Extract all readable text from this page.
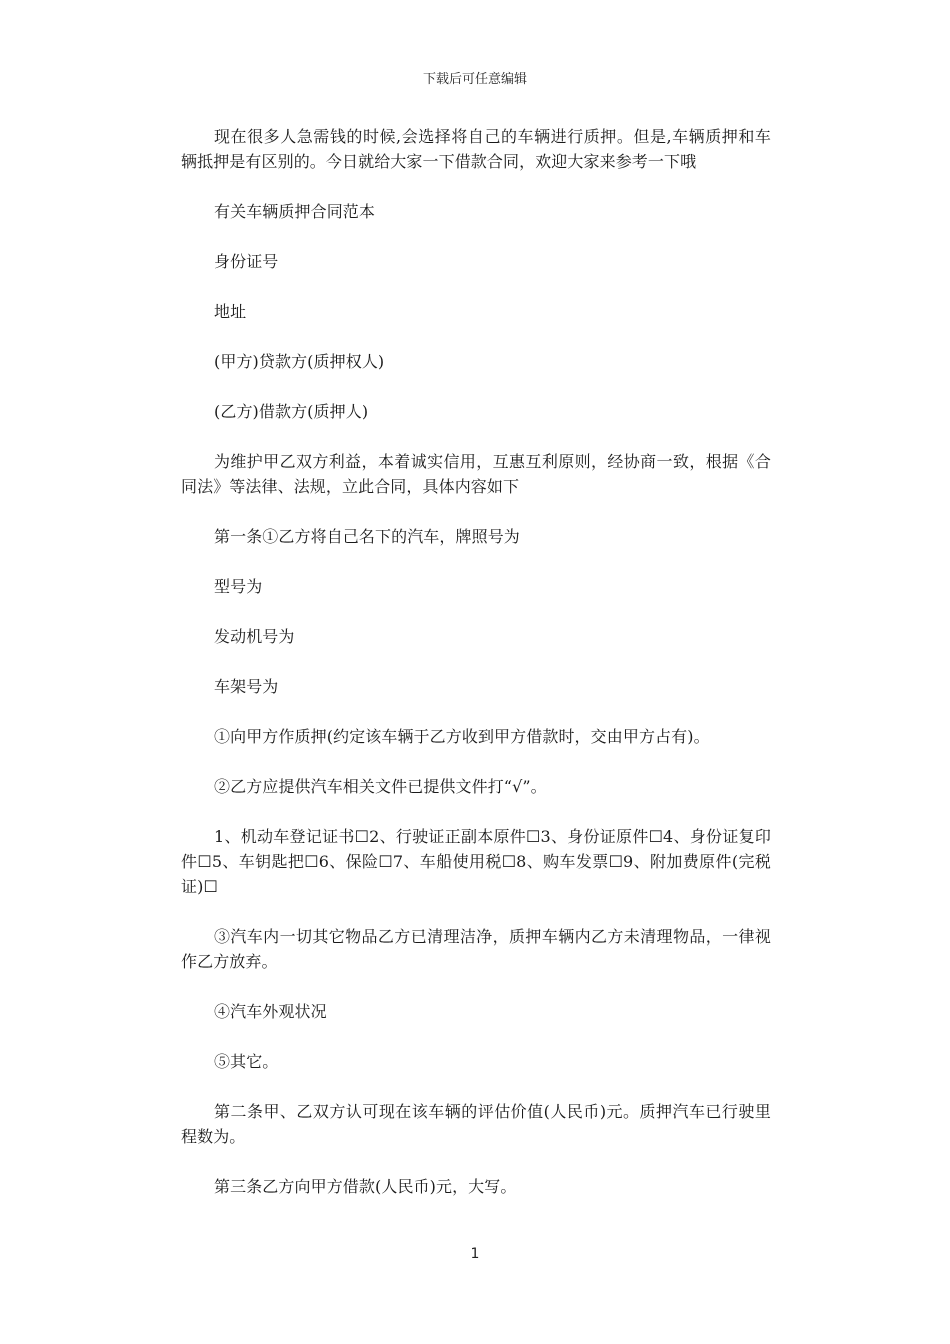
下载后可任意编辑

现在很多人急需钱的时候,会选择将自己的车辆进行质押。但是,车辆质押和车辆抵押是有区别的。今日就给大家一下借款合同，欢迎大家来参考一下哦

有关车辆质押合同范本

身份证号

地址

(甲方)贷款方(质押权人)

(乙方)借款方(质押人)

为维护甲乙双方利益，本着诚实信用，互惠互利原则，经协商一致，根据《合同法》等法律、法规，立此合同，具体内容如下

第一条①乙方将自己名下的汽车，牌照号为

型号为

发动机号为

车架号为

①向甲方作质押(约定该车辆于乙方收到甲方借款时，交由甲方占有)。

②乙方应提供汽车相关文件已提供文件打“√”。

1、机动车登记证书☐2、行驶证正副本原件☐3、身份证原件☐4、身份证复印件☐5、车钥匙把☐6、保险☐7、车船使用税☐8、购车发票☐9、附加费原件(完税证)☐

③汽车内一切其它物品乙方已清理洁净，质押车辆内乙方未清理物品，一律视作乙方放弃。

④汽车外观状况

⑤其它。

第二条甲、乙双方认可现在该车辆的评估价值(人民币)元。质押汽车已行驶里程数为。

第三条乙方向甲方借款(人民币)元，大写。

1
